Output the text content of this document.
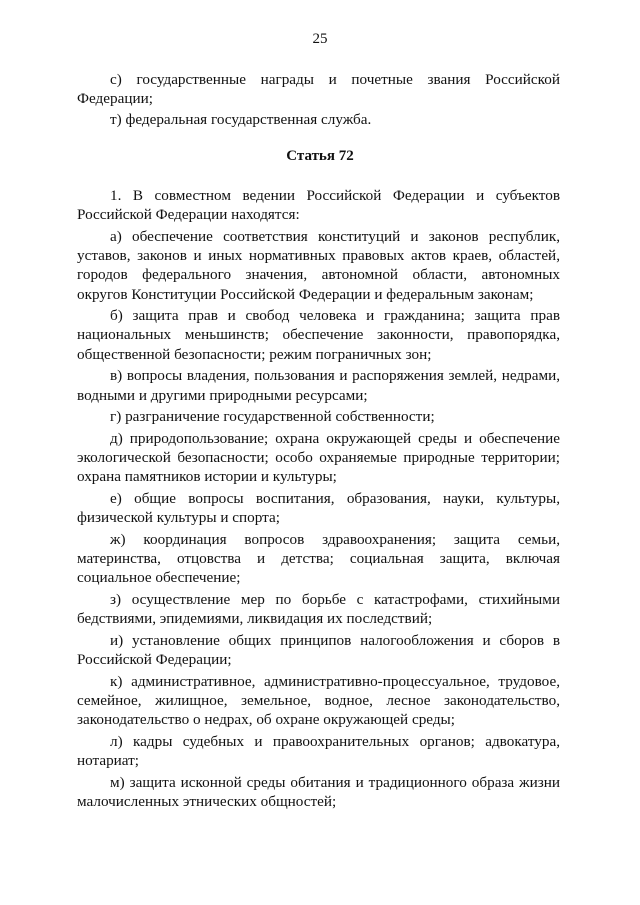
25

с) государственные награды и почетные звания Российской Федерации;

т) федеральная государственная служба.

Статья 72

1. В совместном ведении Российской Федерации и субъектов Российской Федерации находятся:

а) обеспечение соответствия конституций и законов республик, уставов, законов и иных нормативных правовых актов краев, областей, городов федерального значения, автономной области, автономных округов Конституции Российской Федерации и федеральным законам;

б) защита прав и свобод человека и гражданина; защита прав национальных меньшинств; обеспечение законности, правопорядка, общественной безопасности; режим пограничных зон;

в) вопросы владения, пользования и распоряжения землей, недрами, водными и другими природными ресурсами;

г) разграничение государственной собственности;

д) природопользование; охрана окружающей среды и обеспечение экологической безопасности; особо охраняемые природные территории; охрана памятников истории и культуры;

е) общие вопросы воспитания, образования, науки, культуры, физической культуры и спорта;

ж) координация вопросов здравоохранения; защита семьи, материнства, отцовства и детства; социальная защита, включая социальное обеспечение;

з) осуществление мер по борьбе с катастрофами, стихийными бедствиями, эпидемиями, ликвидация их последствий;

и) установление общих принципов налогообложения и сборов в Российской Федерации;

к) административное, административно-процессуальное, трудовое, семейное, жилищное, земельное, водное, лесное законодательство, законодательство о недрах, об охране окружающей среды;

л) кадры судебных и правоохранительных органов; адвокатура, нотариат;

м) защита исконной среды обитания и традиционного образа жизни малочисленных этнических общностей;
